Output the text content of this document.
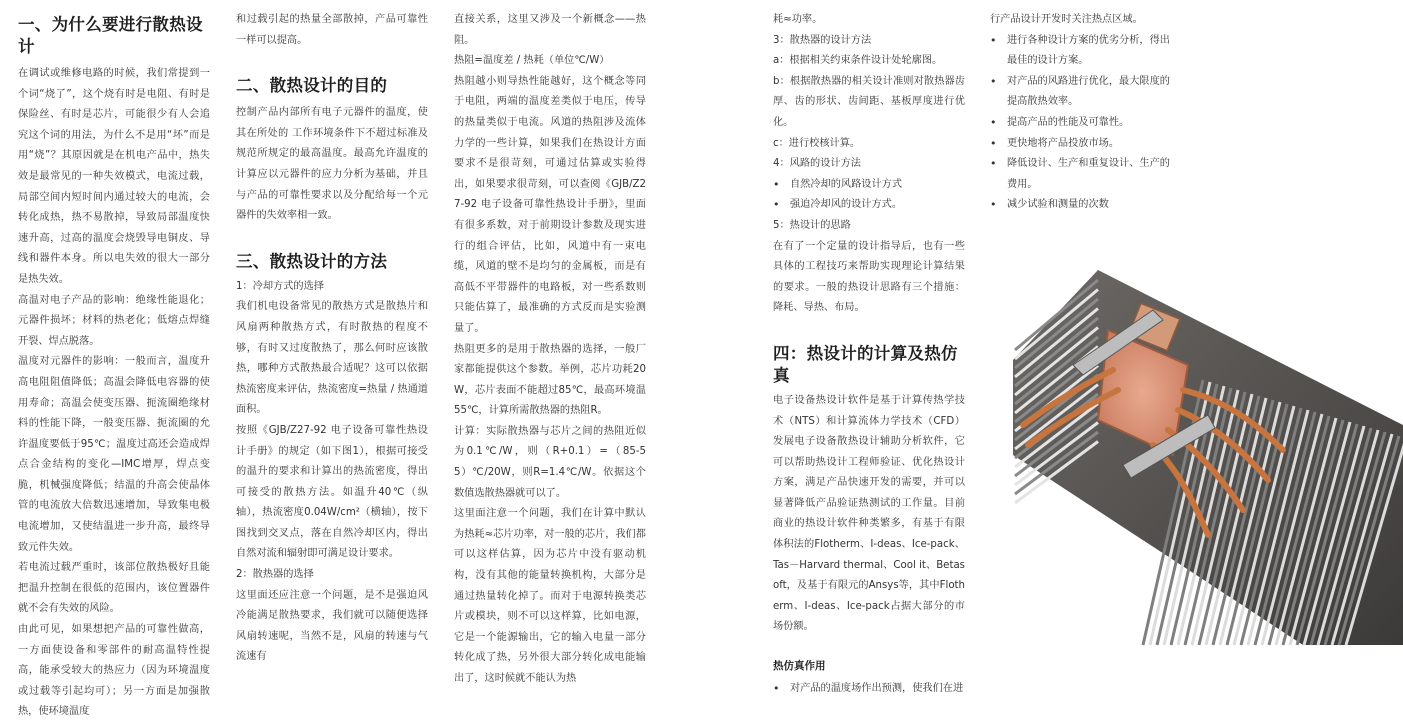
一、为什么要进行散热设计

在调试或维修电路的时候，我们常提到一个词“烧了”，这个烧有时是电阻、有时是保险丝、有时是芯片，可能很少有人会追究这个词的用法，为什么不是用“坏”而是用“烧”？其原因就是在机电产品中，热失效是最常见的一种失效模式，电流过载，局部空间内短时间内通过较大的电流，会转化成热，热不易散掉，导致局部温度快速升高，过高的温度会烧毁导电铜皮、导线和器件本身。所以电失效的很大一部分是热失效。

高温对电子产品的影响：绝缘性能退化；元器件损坏；材料的热老化；低熔点焊缝开裂、焊点脱落。

温度对元器件的影响：一般而言，温度升高电阻阻值降低；高温会降低电容器的使用寿命；高温会使变压器、扼流圈绝缘材料的性能下降，一般变压器、扼流圈的允许温度要低于95℃；温度过高还会造成焊点合金结构的变化—IMC增厚，焊点变脆，机械强度降低；结温的升高会使晶体管的电流放大倍数迅速增加，导致集电极电流增加，又使结温进一步升高，最终导致元件失效。

若电流过载严重时，该部位散热极好且能把温升控制在很低的范围内，该位置器件就不会有失效的风险。

由此可见，如果想把产品的可靠性做高，一方面使设备和零部件的耐高温特性提高，能承受较大的热应力（因为环境温度或过载等引起均可）；另一方面是加强散热，使环境温度

和过载引起的热量全部散掉，产品可靠性一样可以提高。

二、散热设计的目的

控制产品内部所有电子元器件的温度，使其在所处的 工作环境条件下不超过标准及规范所规定的最高温度。最高允许温度的计算应以元器件的应力分析为基础，并且与产品的可靠性要求以及分配给每一个元器件的失效率相一致。

三、散热设计的方法

1：冷却方式的选择

我们机电设备常见的散热方式是散热片和风扇两种散热方式，有时散热的程度不够，有时又过度散热了，那么何时应该散热，哪种方式散热最合适呢？这可以依据热流密度来评估，热流密度=热量 / 热通道面积。

按照《GJB/Z27-92 电子设备可靠性热设计手册》的规定（如下图1），根据可接受的温升的要求和计算出的热流密度，得出可接受的散热方法。如温升40℃（纵轴），热流密度0.04W/cm²（横轴），按下图找到交叉点，落在自然冷却区内，得出自然对流和辐射即可满足设计要求。

2：散热器的选择

这里面还应注意一个问题，是不是强迫风冷能满足散热要求，我们就可以随便选择风扇转速呢，当然不是，风扇的转速与气流速有

直接关系，这里又涉及一个新概念——热阻。

热阻=温度差 / 热耗（单位℃/W）

热阻越小则导热性能越好，这个概念等同于电阻，两端的温度差类似于电压，传导的热量类似于电流。风道的热阻涉及流体力学的一些计算，如果我们在热设计方面要求不是很苛刻，可通过估算或实验得出，如果要求很苛刻，可以查阅《GJB/Z27-92 电子设备可靠性热设计手册》，里面有很多系数，对于前期设计参数及现实进行的组合评估，比如，风道中有一束电缆，风道的壁不是均匀的金属板，而是有高低不平带器件的电路板，对一些系数则只能估算了，最准确的方式反而是实验测量了。

热阻更多的是用于散热器的选择，一般厂家都能提供这个参数。举例，芯片功耗20W，芯片表面不能超过85℃，最高环境温55℃，计算所需散热器的热阻R。

计算：实际散热器与芯片之间的热阻近似为0.1℃/W，则（R+0.1）=（85-55）℃/20W，则R=1.4℃/W。依据这个数值选散热器就可以了。

这里面注意一个问题，我们在计算中默认为热耗≈芯片功率，对一般的芯片，我们都可以这样估算，因为芯片中没有驱动机构，没有其他的能量转换机构，大部分是通过热量转化掉了。而对于电源转换类芯片或模块，则不可以这样算，比如电源，它是一个能源输出，它的输入电量一部分转化成了热，另外很大部分转化成电能输出了，这时候就不能认为热

耗≈功率。

3：散热器的设计方法

a：根据相关约束条件设计处轮廓图。

b：根据散热器的相关设计准则对散热器齿厚、齿的形状、齿间距、基板厚度进行优化。

c：进行校核计算。

4：风路的设计方法

• 自然冷却的风路设计方式
• 强迫冷却风的设计方式。

5：热设计的思路

在有了一个定量的设计指导后，也有一些具体的工程技巧来帮助实现理论计算结果的要求。一般的热设计思路有三个措施：降耗、导热、布局。

四：热设计的计算及热仿真

电子设备热设计软件是基于计算传热学技术（NTS）和计算流体力学技术（CFD）发展电子设备散热设计辅助分析软件，它可以帮助热设计工程师验证、优化热设计方案，满足产品快速开发的需要，并可以显著降低产品验证热测试的工作量。目前商业的热设计软件种类繁多，有基于有限体积法的Flotherm、I-deas、Ice-pack、Tas－Harvard thermal、Cool it、Betasoft，及基于有限元的Ansys等，其中Flotherm、I-deas、Ice-pack占据大部分的市场份额。

热仿真作用
• 对产品的温度场作出预测，使我们在进

行产品设计开发时关注热点区域。

• 进行各种设计方案的优劣分析，得出最佳的设计方案。
• 对产品的风路进行优化，最大限度的提高散热效率。
• 提高产品的性能及可靠性。
• 更快地将产品投放市场。
• 降低设计、生产和重复设计、生产的费用。
• 减少试验和测量的次数
